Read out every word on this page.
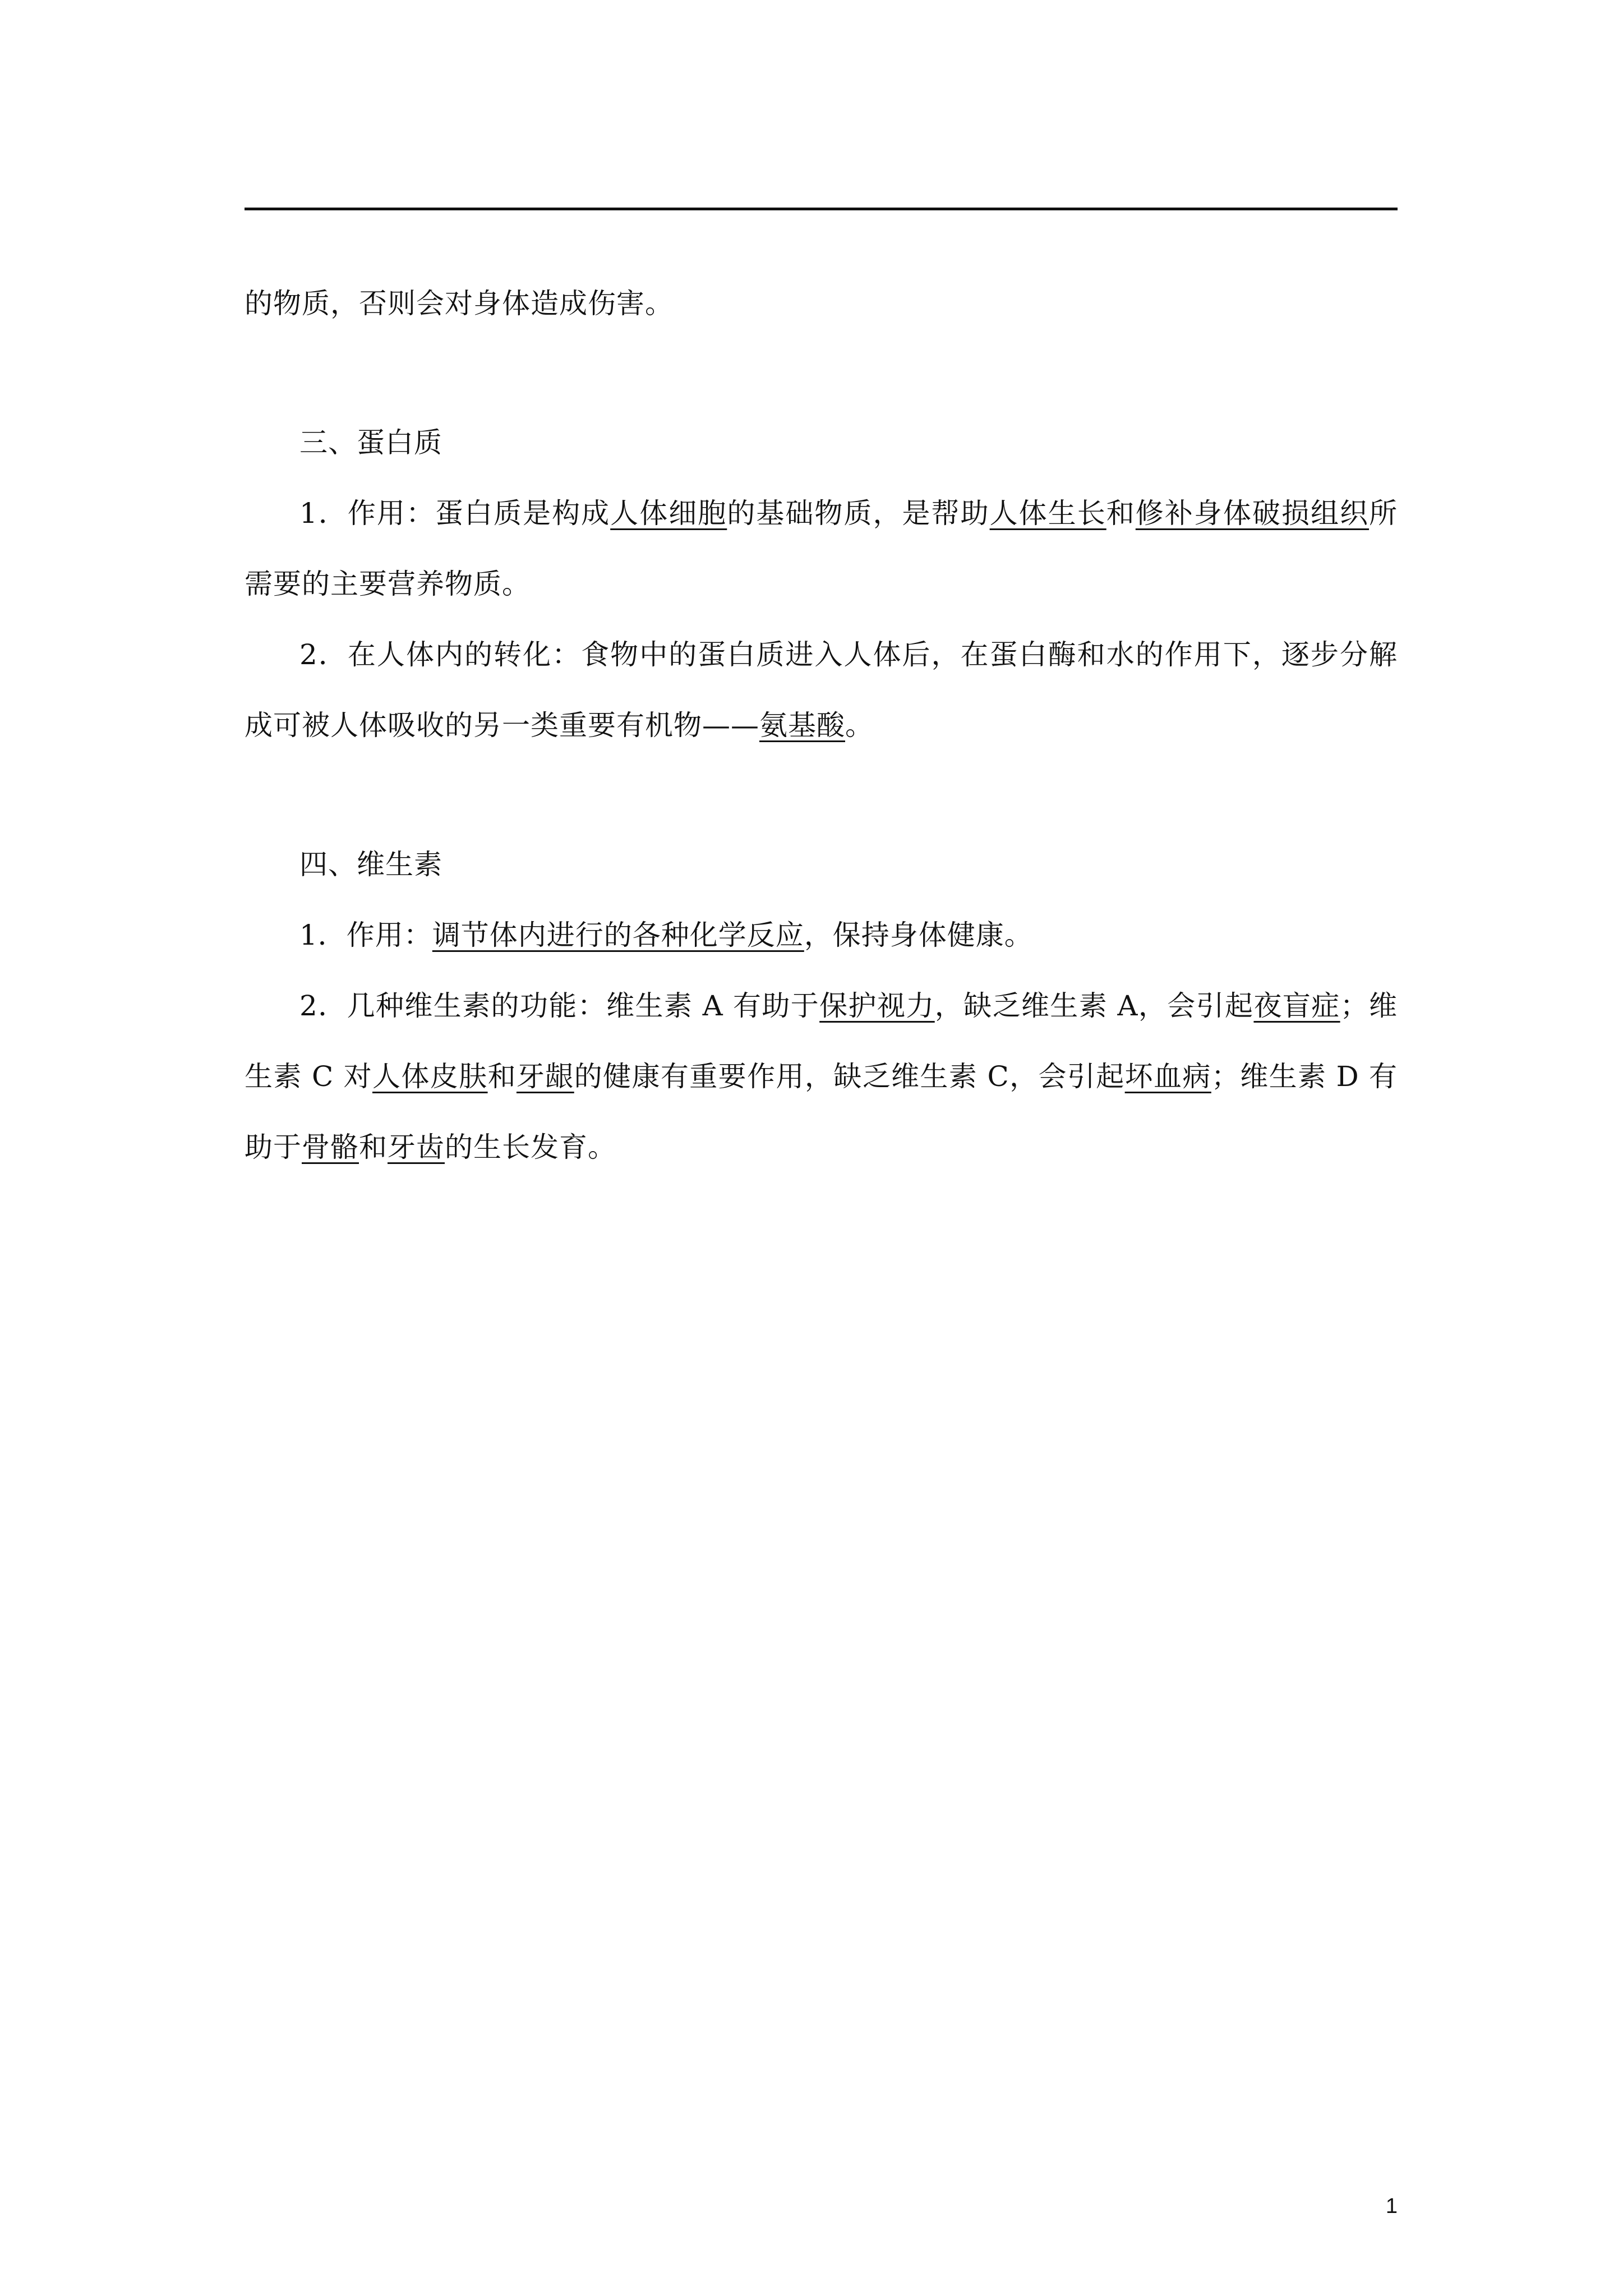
的物质，否则会对身体造成伤害。

三、蛋白质

1．作用：蛋白质是构成人体细胞的基础物质，是帮助人体生长和修补身体破损组织所需要的主要营养物质。

2．在人体内的转化：食物中的蛋白质进入人体后，在蛋白酶和水的作用下，逐步分解成可被人体吸收的另一类重要有机物——氨基酸。

四、维生素

1．作用：调节体内进行的各种化学反应，保持身体健康。

2．几种维生素的功能：维生素 A 有助于保护视力，缺乏维生素 A，会引起夜盲症；维生素 C 对人体皮肤和牙龈的健康有重要作用，缺乏维生素 C，会引起坏血病；维生素 D 有助于骨骼和牙齿的生长发育。

1
